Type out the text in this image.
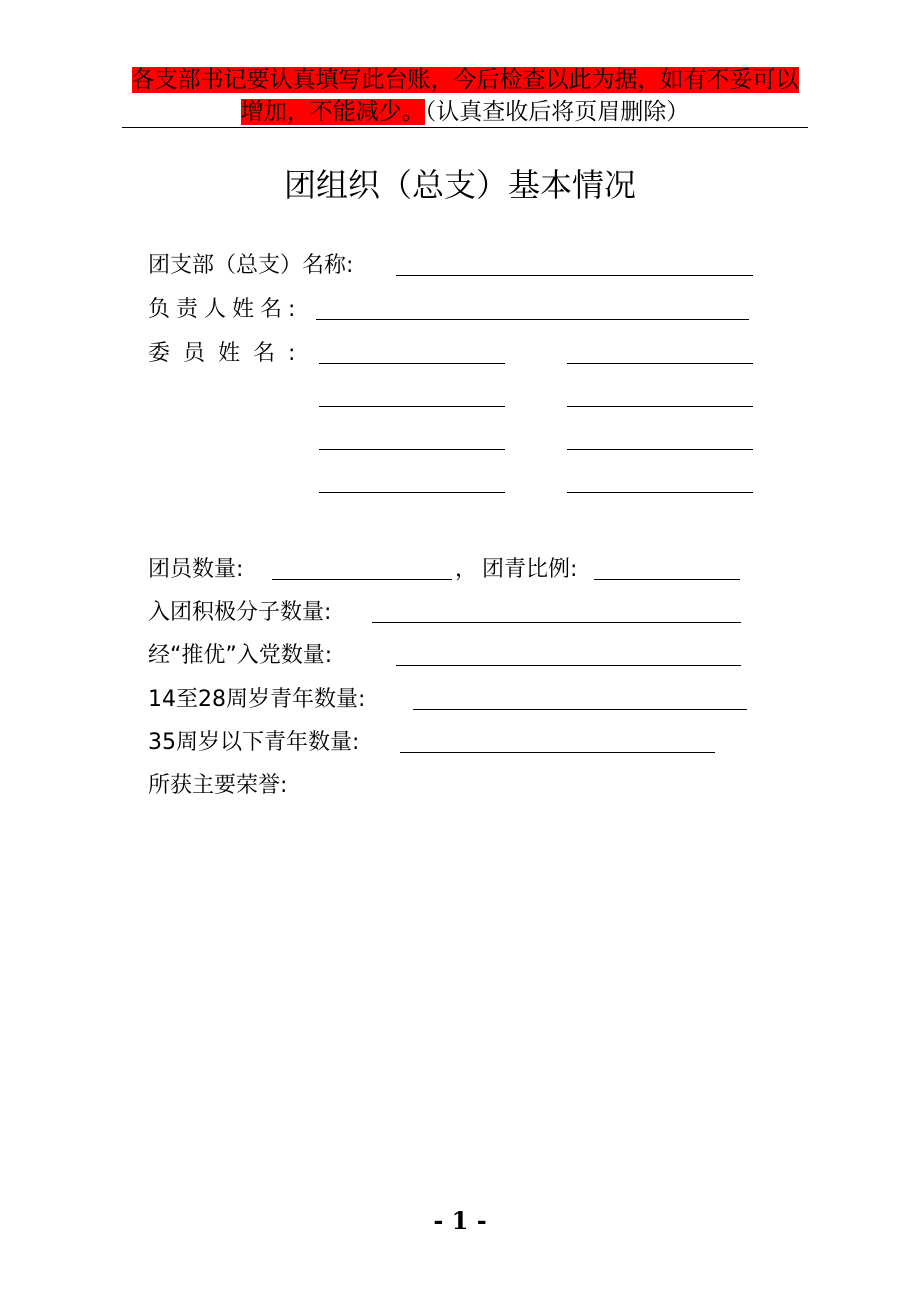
各支部书记要认真填写此台账，今后检查以此为据，如有不妥可以
增加，不能减少。（认真查收后将页眉删除）
团组织（总支）基本情况
团支部（总支）名称:
负责人姓名:
委员姓名:
团员数量:	， 团青比例:
入团积极分子数量:
经“推优”入党数量:
14至28周岁青年数量:
35周岁以下青年数量:
所获主要荣誉:
- 1 -
